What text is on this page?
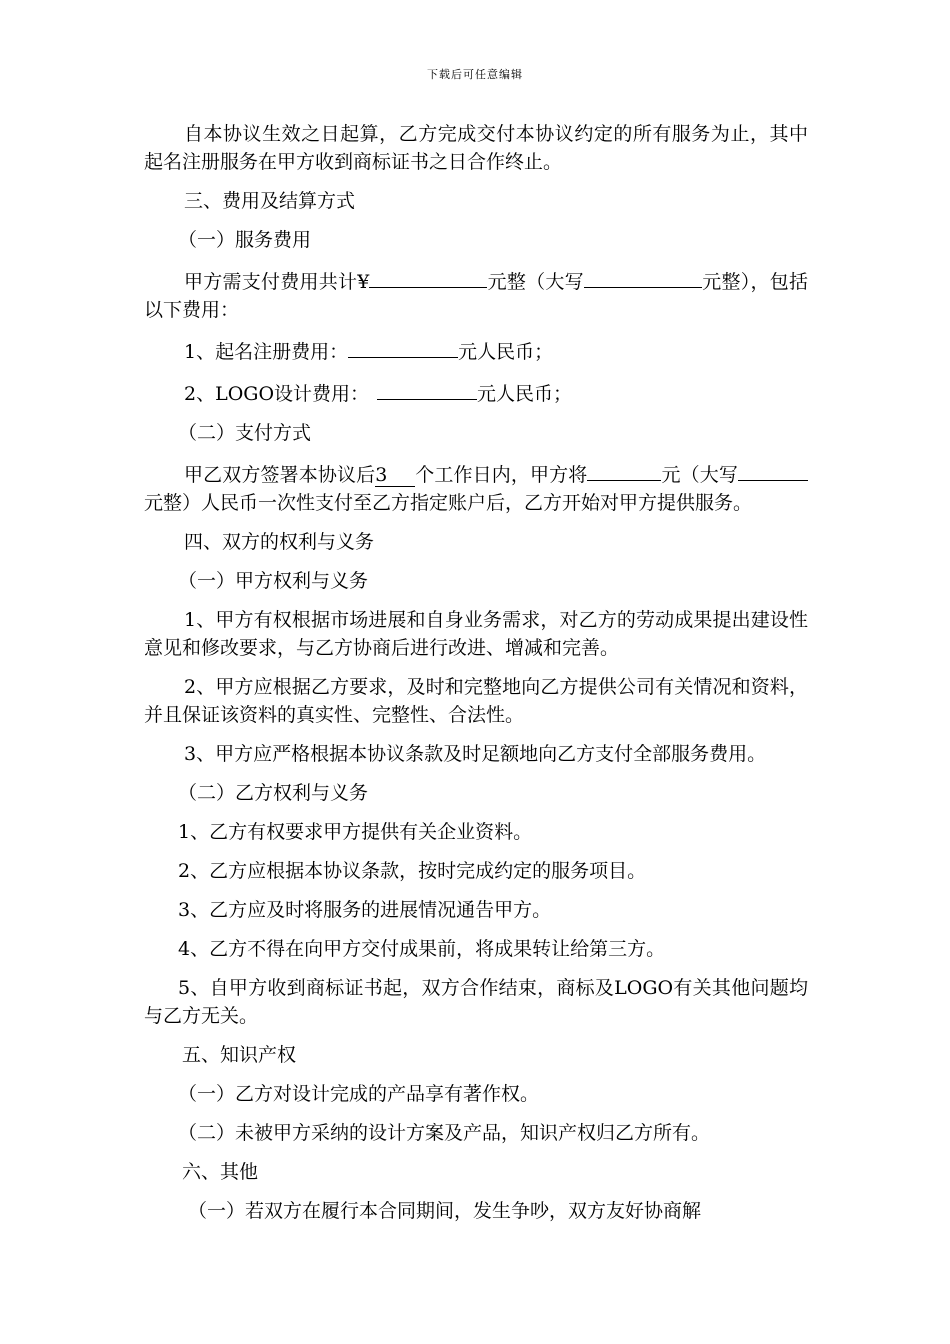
下载后可任意编辑

自本协议生效之日起算，乙方完成交付本协议约定的所有服务为止，其中起名注册服务在甲方收到商标证书之日合作终止。

三、费用及结算方式

（一）服务费用

甲方需支付费用共计¥	元整（大写	元整），包括以下费用：

1、起名注册费用：	元人民币；

2、LOGO设计费用：	元人民币；

（二）支付方式

甲乙双方签署本协议后3 个工作日内，甲方将	元（大写元整）人民币一次性支付至乙方指定账户后，乙方开始对甲方提供服务。

四、双方的权利与义务

（一）甲方权利与义务

1、甲方有权根据市场进展和自身业务需求，对乙方的劳动成果提出建设性意见和修改要求，与乙方协商后进行改进、增减和完善。

2、甲方应根据乙方要求，及时和完整地向乙方提供公司有关情况和资料，并且保证该资料的真实性、完整性、合法性。

3、甲方应严格根据本协议条款及时足额地向乙方支付全部服务费用。

（二）乙方权利与义务

1、乙方有权要求甲方提供有关企业资料。

2、乙方应根据本协议条款，按时完成约定的服务项目。

3、乙方应及时将服务的进展情况通告甲方。

4、乙方不得在向甲方交付成果前，将成果转让给第三方。

5、自甲方收到商标证书起，双方合作结束，商标及LOGO有关其他问题均与乙方无关。

五、知识产权

（一）乙方对设计完成的产品享有著作权。

（二）未被甲方采纳的设计方案及产品，知识产权归乙方所有。

六、其他

（一）若双方在履行本合同期间，发生争吵，双方友好协商解
